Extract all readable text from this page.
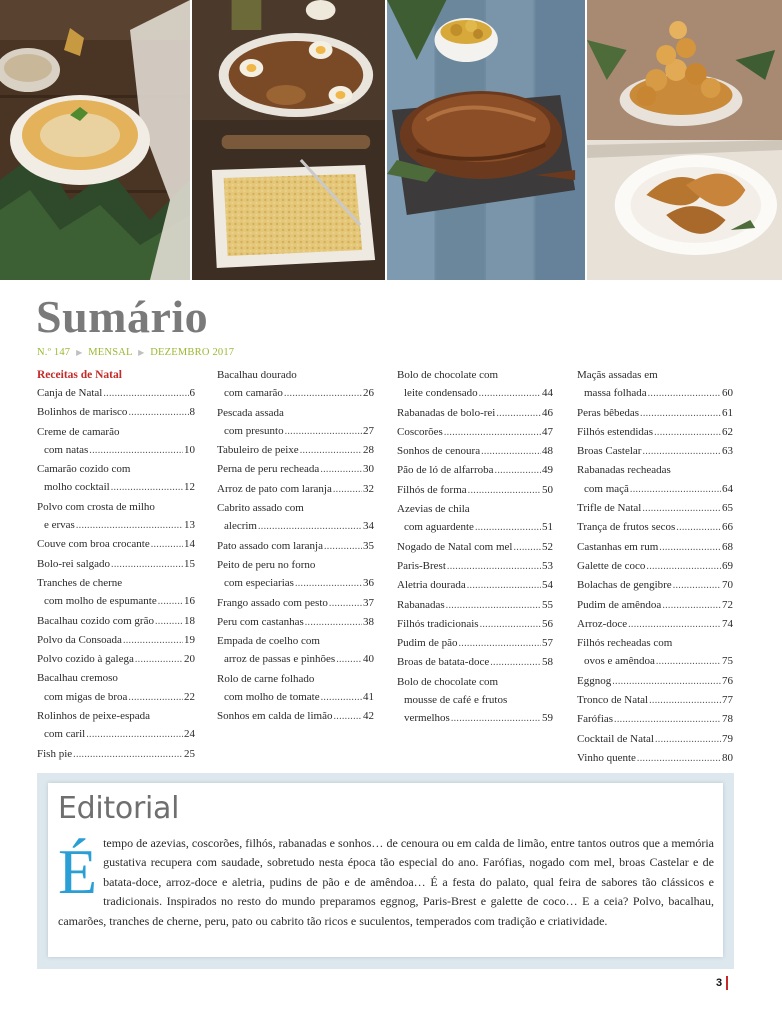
Sumário
N.º 147 ▶ MENSAL ▶ DEZEMBRO 2017
Receitas de Natal
Canja de Natal .....	6
Bolinhos de marisco .....	8
Creme de camarão
com natas .....	10
Camarão cozido com
molho cocktail .....	12
Polvo com crosta de milho
e ervas .....	13
Couve com broa crocante .....	14
Bolo-rei salgado .....	15
Tranches de cherne
com molho de espumante ..... 16
Bacalhau cozido com grão .....	18
Polvo da Consoada .....	19
Polvo cozido à galega .....	20
Bacalhau cremoso
com migas de broa .....	22
Rolinhos de peixe-espada
com caril .....	24
Fish pie .....	25
Bacalhau dourado
com camarão .....	26
Pescada assada
com presunto .....	27
Tabuleiro de peixe .....	28
Perna de peru recheada .....	30
Arroz de pato com laranja .....	32
Cabrito assado com
alecrim .....	34
Pato assado com laranja .....	35
Peito de peru no forno
com especiarias .....	36
Frango assado com pesto .....	37
Peru com castanhas .....	38
Empada de coelho com
arroz de passas e pinhões .....	40
Rolo de carne folhado
com molho de tomate .....	41
Sonhos em calda de limão .....	42
Bolo de chocolate com
leite condensado .....	44
Rabanadas de bolo-rei .....	46
Coscorões .....	47
Sonhos de cenoura .....	48
Pão de ló de alfarroba .....	49
Filhós de forma .....	50
Azevias de chila
com aguardente .....	51
Nogado de Natal com mel .....	52
Paris-Brest .....	53
Aletria dourada .....	54
Rabanadas .....	55
Filhós tradicionais .....	56
Pudim de pão .....	57
Broas de batata-doce .....	58
Bolo de chocolate com
mousse de café e frutos
vermelhos .....	59
Maçãs assadas em
massa folhada .....	60
Peras bêbedas .....	61
Filhós estendidas .....	62
Broas Castelar .....	63
Rabanadas recheadas
com maçã .....	64
Trifle de Natal .....	65
Trança de frutos secos .....	66
Castanhas em rum .....	68
Galette de coco .....	69
Bolachas de gengibre .....	70
Pudim de amêndoa .....	72
Arroz-doce .....	74
Filhós recheadas com
ovos e amêndoa .....	75
Eggnog .....	76
Tronco de Natal .....	77
Farófias .....	78
Cocktail de Natal .....	79
Vinho quente .....	80
Editorial
É tempo de azevias, coscorões, filhós, rabanadas e sonhos… de cenoura ou em calda de limão, entre tantos outros que a memória gustativa recupera com saudade, sobretudo nesta época tão especial do ano. Farófias, nogado com mel, broas Castelar e de batata-doce, arroz-doce e aletria, pudins de pão e de amêndoa… É a festa do palato, qual feira de sabores tão clássicos e tradicionais. Inspirados no resto do mundo preparamos eggnog, Paris-Brest e galette de coco… E a ceia? Polvo, bacalhau, camarões, tranches de cherne, peru, pato ou cabrito tão ricos e suculentos, temperados com tradição e criatividade.
3
